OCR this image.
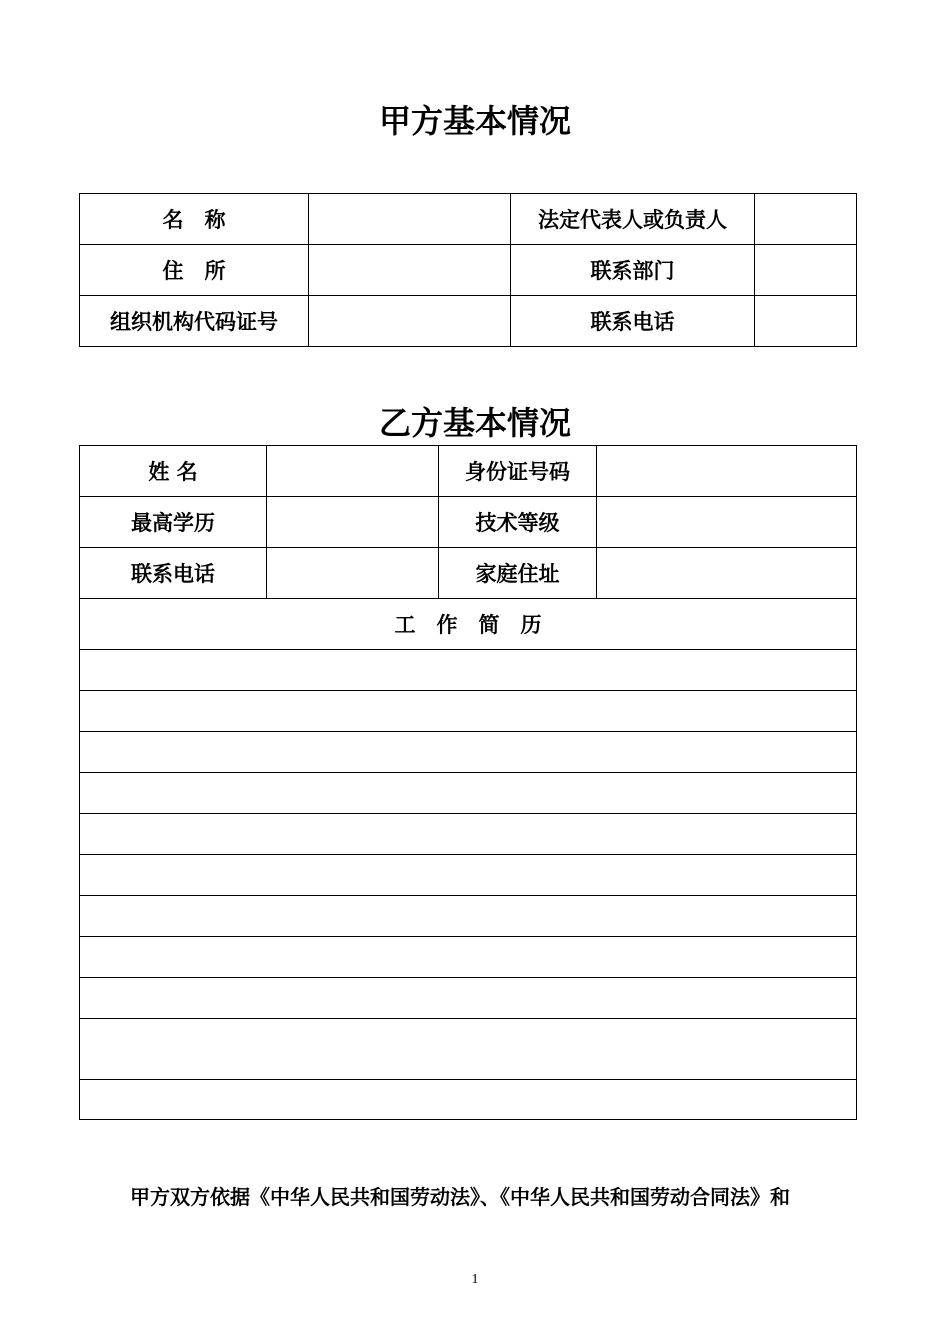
甲方基本情况
名　称		法定代表人或负责人	
住　所		联系部门	
组织机构代码证号		联系电话	
乙方基本情况
姓 名		身份证号码	
最高学历		技术等级	
联系电话		家庭住址	
工　作　简　历			

甲方双方依据《中华人民共和国劳动法》、《中华人民共和国劳动合同法》和
1
